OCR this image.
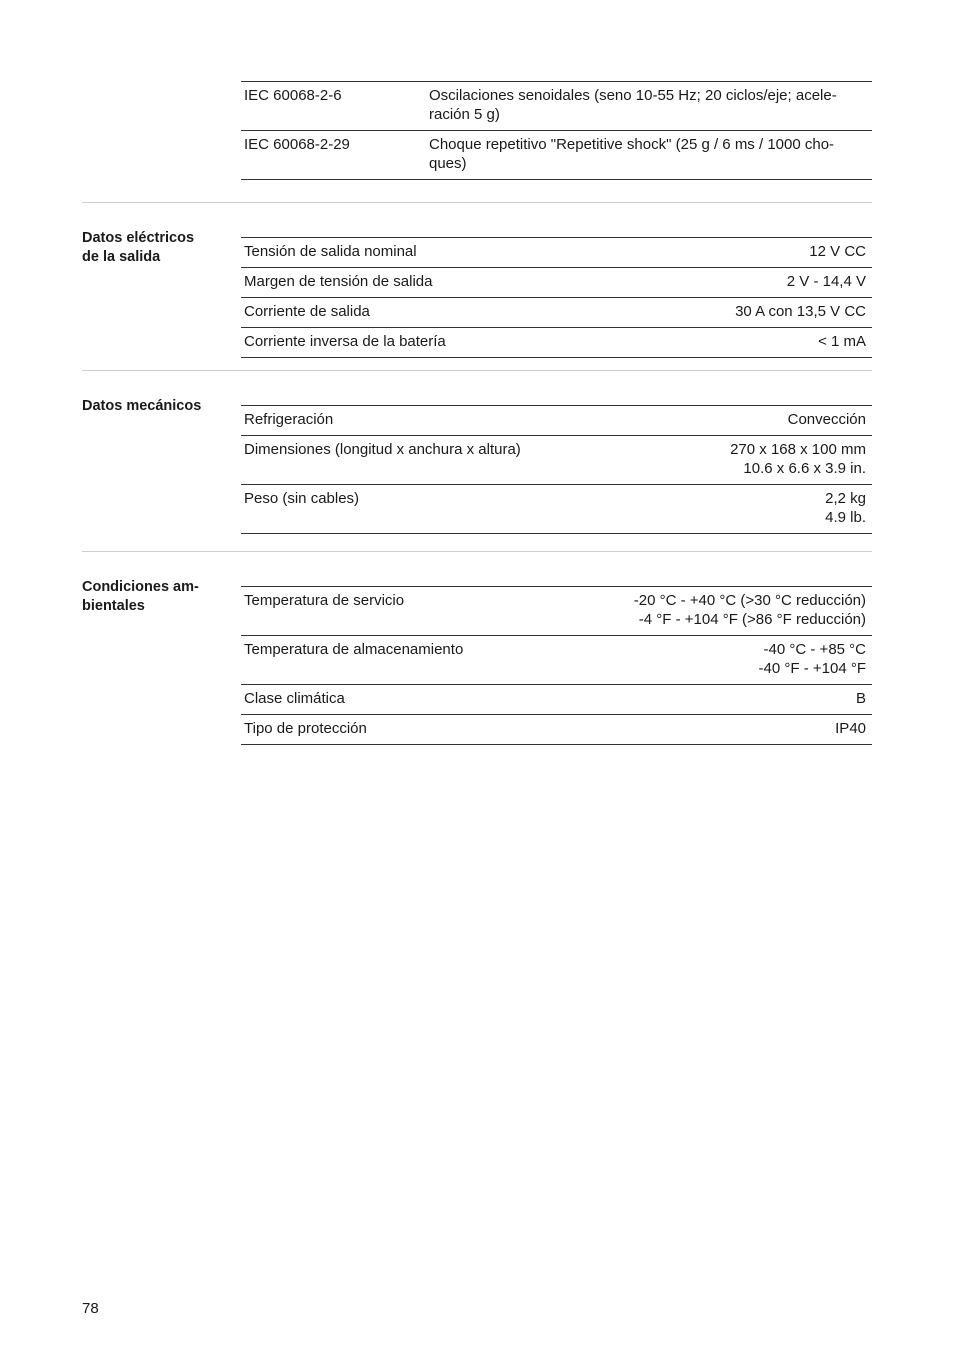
IEC 60068-2-6	Oscilaciones senoidales (seno 10-55 Hz; 20 ciclos/eje; acele-
ración 5 g)

IEC 60068-2-29	Choque repetitivo "Repetitive shock" (25 g / 6 ms / 1000 cho-
ques)
Datos eléctricos
de la salida	Tensión de salida nominal	12 V CC
Margen de tensión de salida	2 V - 14,4 V
Corriente de salida	30 A con 13,5 V CC
Corriente inversa de la batería	< 1 mA
Datos mecánicos
Refrigeración	Convección
Dimensiones (longitud x anchura x altura)	270 x 168 x 100 mm
10.6 x 6.6 x 3.9 in.

Peso (sin cables)	2,2 kg
4.9 lb.
Condiciones am-
bientales	Temperatura de servicio	-20 °C - +40 °C (>30 °C reducción)
-4 °F - +104 °F (>86 °F reducción)

Temperatura de almacenamiento	-40 °C - +85 °C
-40 °F - +104 °F

Clase climática	B
Tipo de protección	IP40
78
